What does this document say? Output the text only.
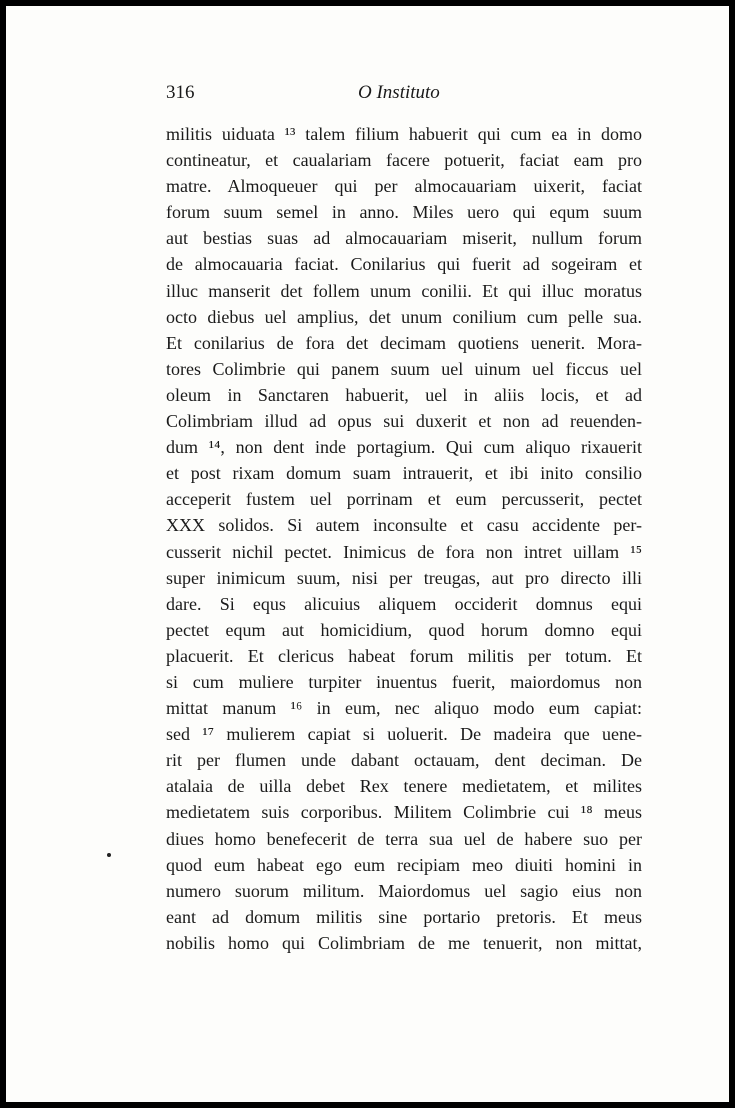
316	O Instituto
militis uiduata ¹³ talem filium habuerit qui cum ea in domo
contineatur, et caualariam facere potuerit, faciat eam pro
matre. Almoqueuer qui per almocauariam uixerit, faciat
forum suum semel in anno. Miles uero qui equm suum
aut bestias suas ad almocauariam miserit, nullum forum
de almocauaria faciat. Conilarius qui fuerit ad sogeiram et
illuc manserit det follem unum conilii. Et qui illuc moratus
octo diebus uel amplius, det unum conilium cum pelle sua.
Et conilarius de fora det decimam quotiens uenerit. Mora-
tores Colimbrie qui panem suum uel uinum uel ficcus uel
oleum in Sanctaren habuerit, uel in aliis locis, et ad
Colimbriam illud ad opus sui duxerit et non ad reuenden-
dum ¹⁴, non dent inde portagium. Qui cum aliquo rixauerit
et post rixam domum suam intrauerit, et ibi inito consilio
acceperit fustem uel porrinam et eum percusserit, pectet
XXX solidos. Si autem inconsulte et casu accidente per-
cusserit nichil pectet. Inimicus de fora non intret uillam ¹⁵
super inimicum suum, nisi per treugas, aut pro directo illi
dare. Si equs alicuius aliquem occiderit domnus equi
pectet equm aut homicidium, quod horum domno equi
placuerit. Et clericus habeat forum militis per totum. Et
si cum muliere turpiter inuentus fuerit, maiordomus non
mittat manum ¹⁶ in eum, nec aliquo modo eum capiat:
sed ¹⁷ mulierem capiat si uoluerit. De madeira que uene-
rit per flumen unde dabant octauam, dent deciman. De
atalaia de uilla debet Rex tenere medietatem, et milites
medietatem suis corporibus. Militem Colimbrie cui ¹⁸ meus
diues homo benefecerit de terra sua uel de habere suo per
quod eum habeat ego eum recipiam meo diuiti homini in
numero suorum militum. Maiordomus uel sagio eius non
eant ad domum militis sine portario pretoris. Et meus
nobilis homo qui Colimbriam de me tenuerit, non mittat,
